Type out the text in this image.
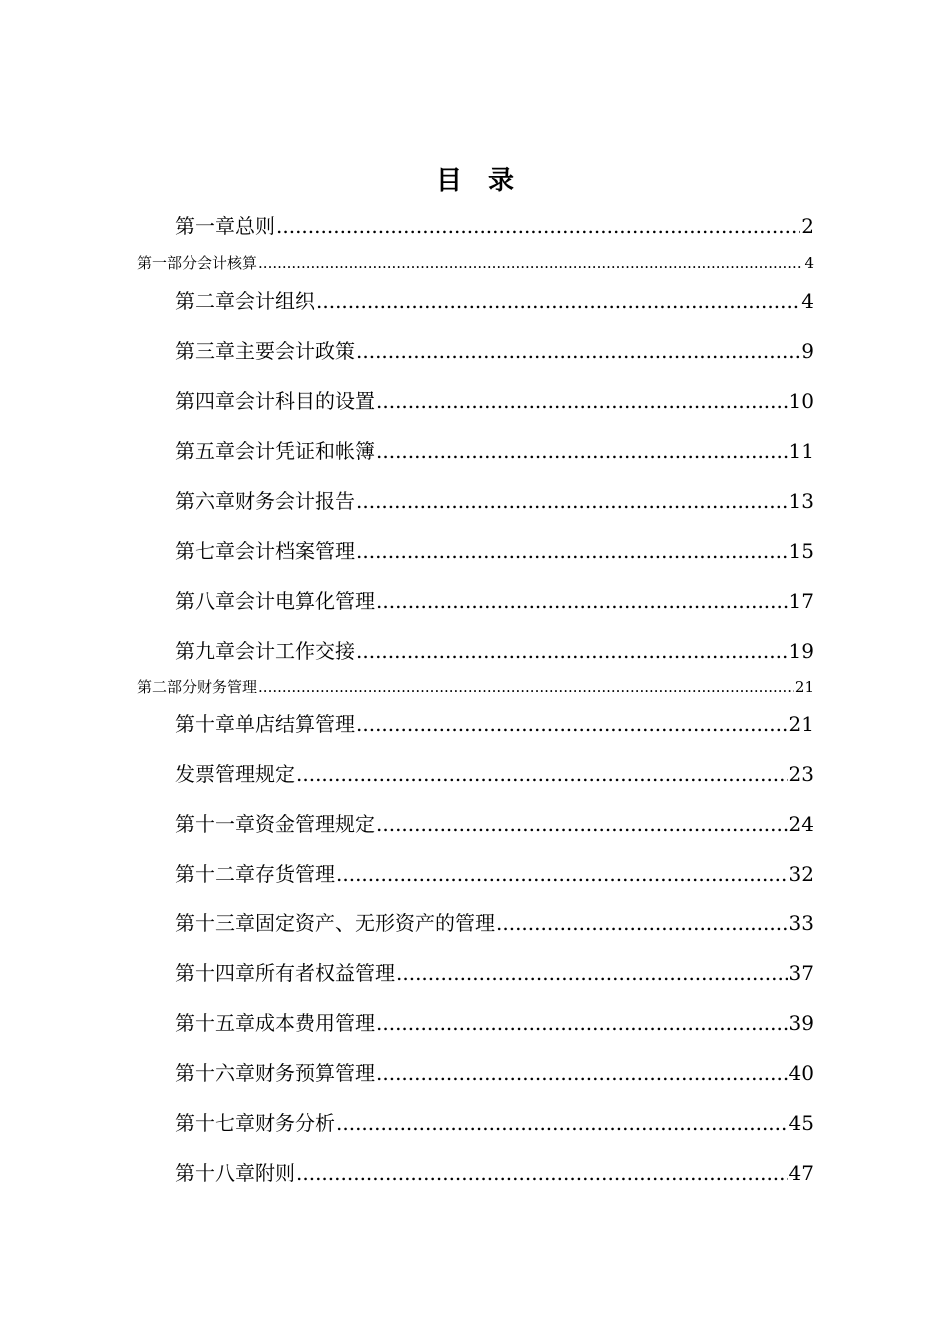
目录
第一章 总则 .....	2
第一部分 会计核算 .....	4
第二章 会计组织 .....	4
第三章 主要会计政策 .....	9
第四章 会计科目的设置 .....	10
第五章 会计凭证和帐簿 .....	11
第六章 财务会计报告 .....	13
第七章 会计档案管理 .....	15
第八章 会计电算化管理 .....	17
第九章 会计工作交接 .....	19
第二部分 财务管理 .....	21
第十章 单店结算管理 .....	21
发票管理规定 .....	23
第十一章 资金管理规定 .....	24
第十二章 存货管理 .....	32
第十三章 固定资产、无形资产的管理 .....	33
第十四章 所有者权益管理 .....	37
第十五章 成本费用管理 .....	39
第十六章 财务预算管理 .....	40
第十七章 财务分析 .....	45
第十八章 附则 .....	47
